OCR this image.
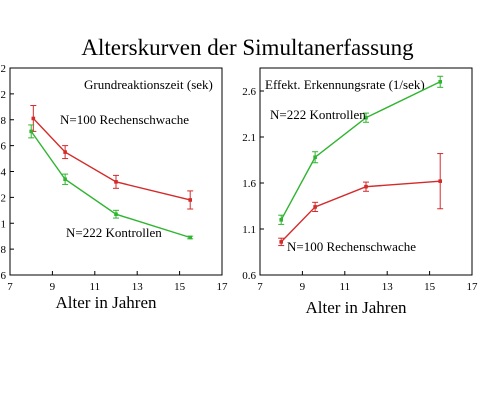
Alterskurven der Simultanerfassung
7	9	11	13	15	17
6
8
1
2
4
6
8
2
2
Grundreaktionszeit (sek)
Alter in Jahren
N=100 Rechenschwache
N=222 Kontrollen
7	9	11	13	15	17
0.6
1.1
1.6
2.1
2.6 Effekt. Erkennungsrate (1/sek)
Alter in Jahren
N=222 Kontrollen
N=100 Rechenschwache
